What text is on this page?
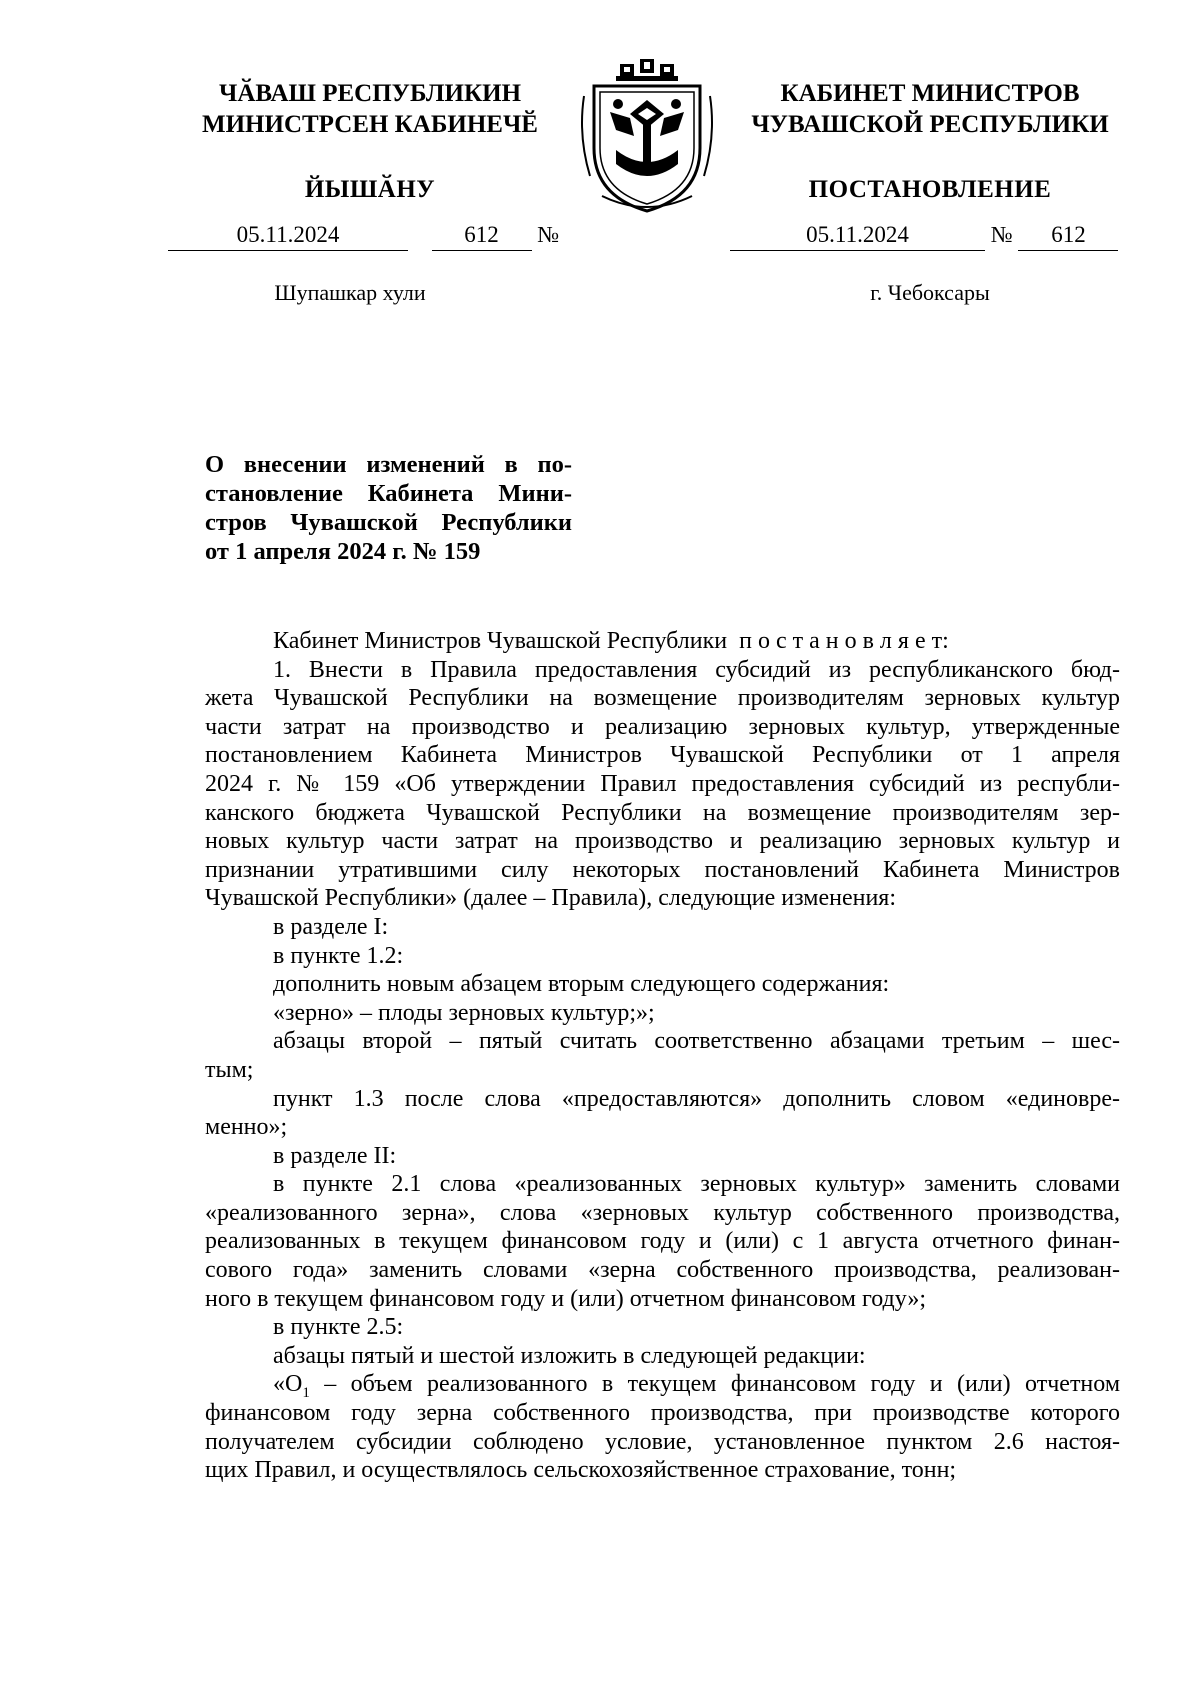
ЧӐВАШ РЕСПУБЛИКИН
МИНИСТРСЕН КАБИНЕЧӖ
ЙЫШӐНУ
КАБИНЕТ МИНИСТРОВ
ЧУВАШСКОЙ РЕСПУБЛИКИ
ПОСТАНОВЛЕНИЕ
05.11.2024	612 №	05.11.2024	№ 612
Шупашкар хули	г. Чебоксары
О внесении изменений в по-
становление Кабинета Мини-
стров Чувашской Республики
от 1 апреля 2024 г. № 159
Кабинет Министров Чувашской Республики п о с т а н о в л я е т:
1. Внести в Правила предоставления субсидий из республиканского бюд-
жета Чувашской Республики на возмещение производителям зерновых культур
части затрат на производство и реализацию зерновых культур, утвержденные
постановлением Кабинета Министров Чувашской Республики от 1 апреля
2024 г. № 159 «Об утверждении Правил предоставления субсидий из республи-
канского бюджета Чувашской Республики на возмещение производителям зер-
новых культур части затрат на производство и реализацию зерновых культур и
признании утратившими силу некоторых постановлений Кабинета Министров
Чувашской Республики» (далее – Правила), следующие изменения:
в разделе I:
в пункте 1.2:
дополнить новым абзацем вторым следующего содержания:
«зерно» – плоды зерновых культур;»;
абзацы второй – пятый считать соответственно абзацами третьим – шес-
тым;
пункт 1.3 после слова «предоставляются» дополнить словом «единовре-
менно»;
в разделе II:
в пункте 2.1 слова «реализованных зерновых культур» заменить словами
«реализованного зерна», слова «зерновых культур собственного производства,
реализованных в текущем финансовом году и (или) с 1 августа отчетного финан-
сового года» заменить словами «зерна собственного производства, реализован-
ного в текущем финансовом году и (или) отчетном финансовом году»;
в пункте 2.5:
абзацы пятый и шестой изложить в следующей редакции:
«$О_1$ – объем реализованного в текущем финансовом году и (или) отчетном
финансовом году зерна собственного производства, при производстве которого
получателем субсидии соблюдено условие, установленное пунктом 2.6 настоя-
щих Правил, и осуществлялось сельскохозяйственное страхование, тонн;
